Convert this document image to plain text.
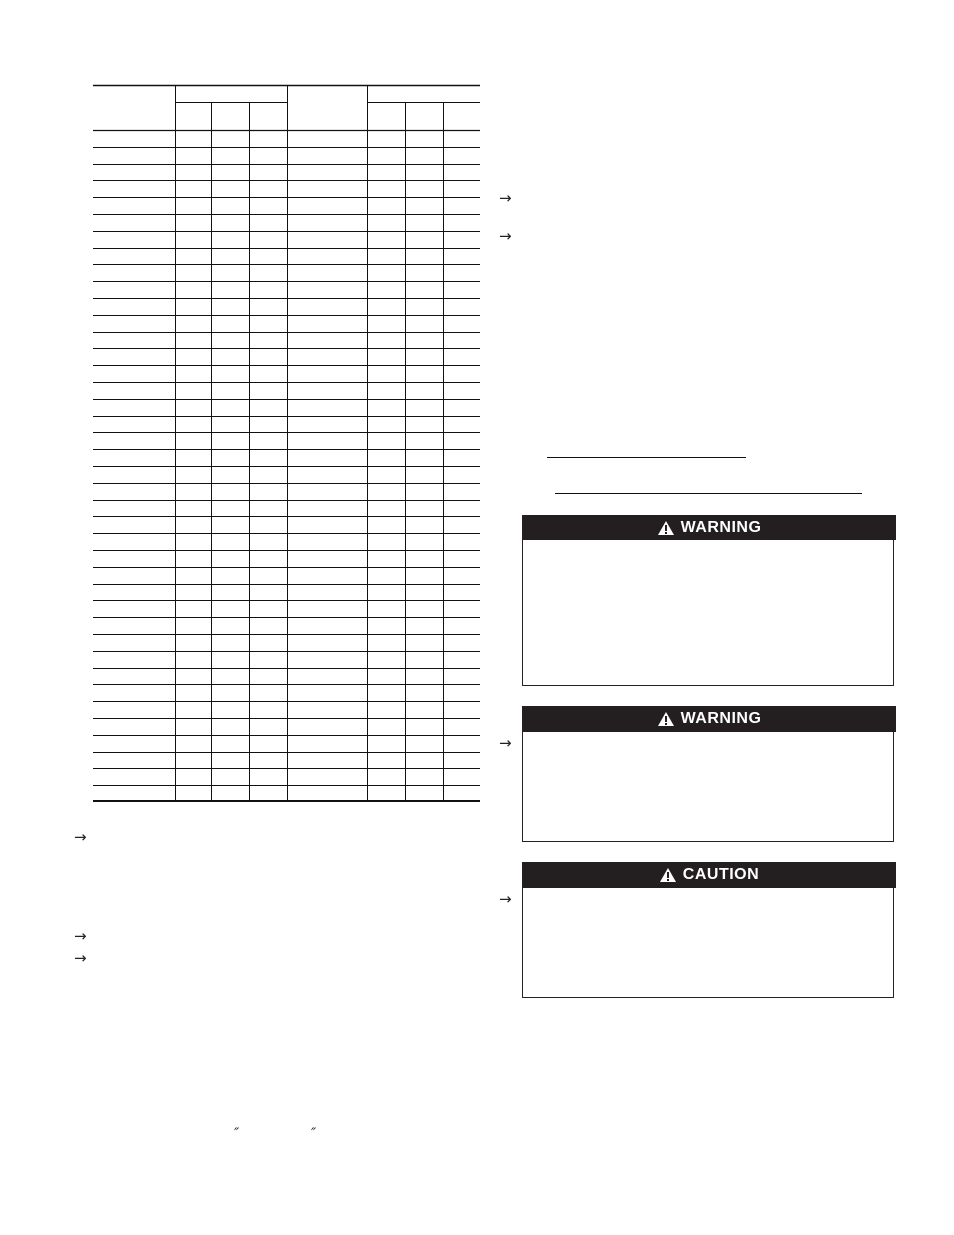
→
→
→
→
→
→
→
WARNING
WARNING
CAUTION
″	″
